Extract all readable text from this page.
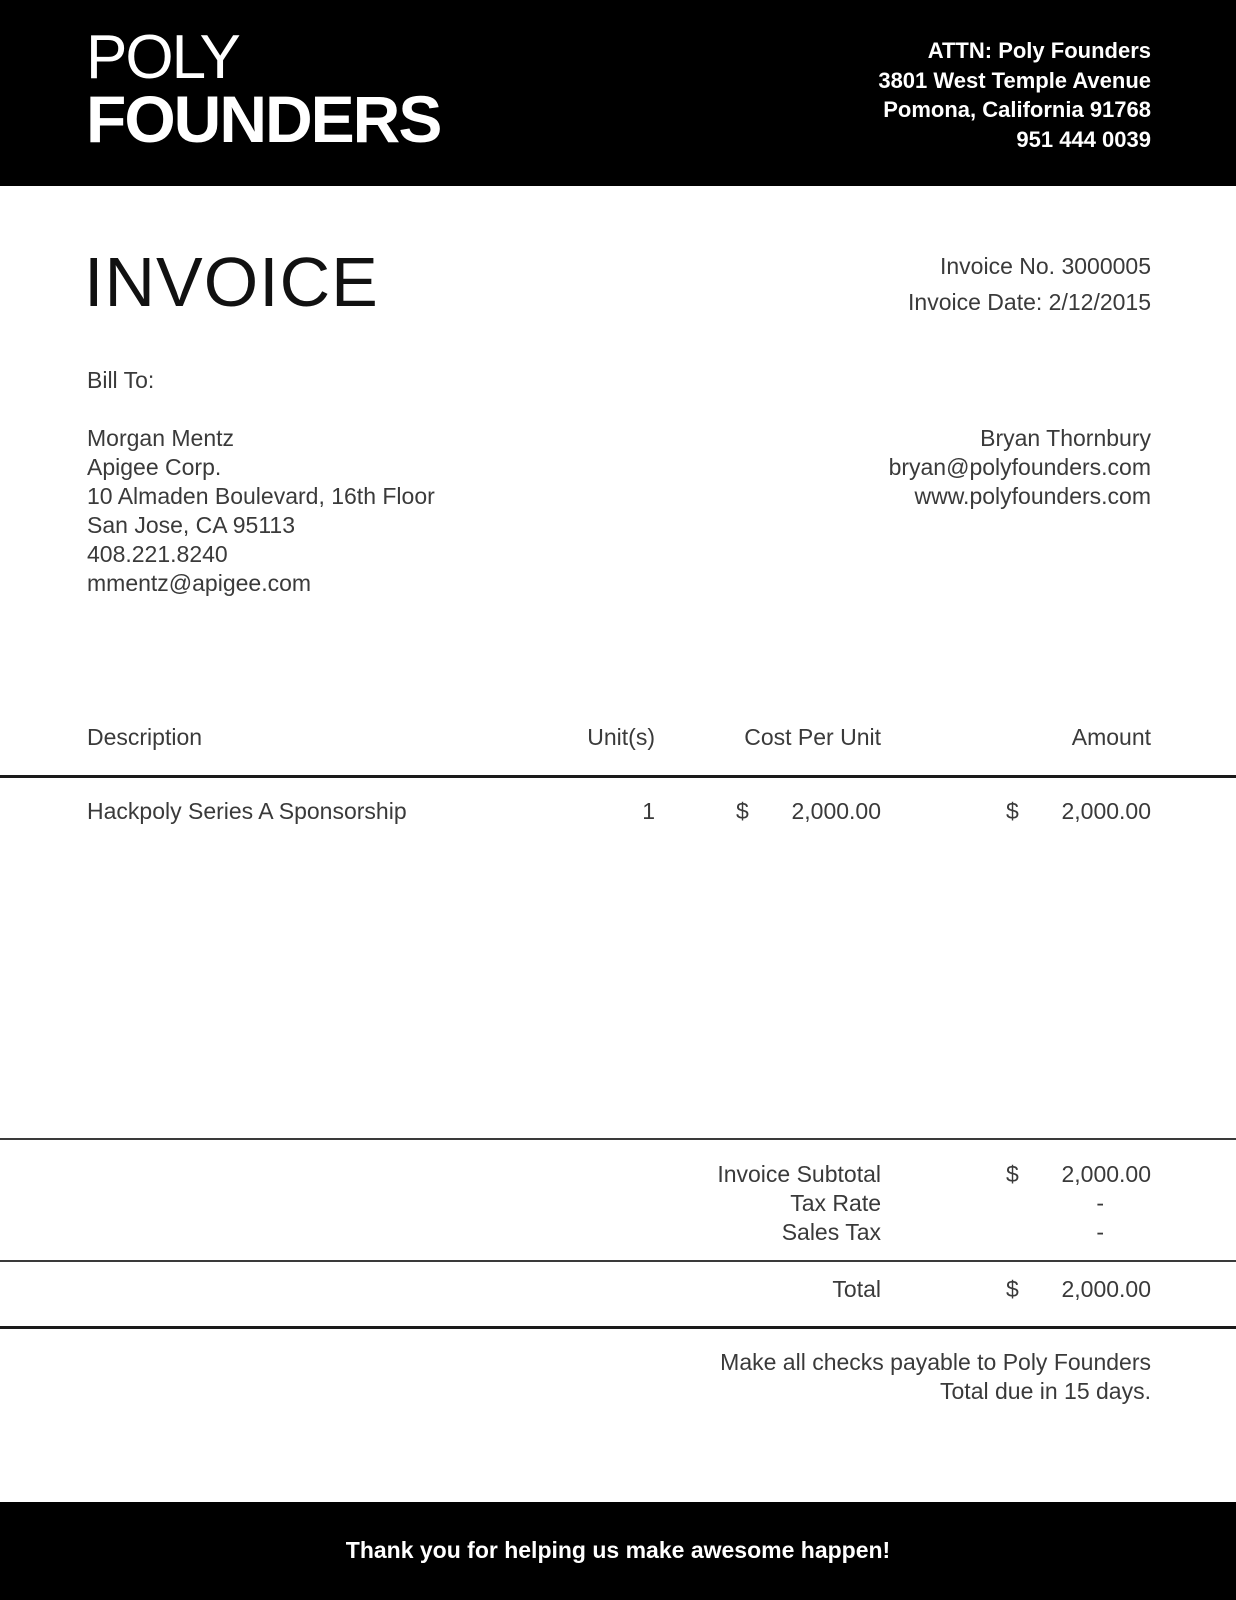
POLY
FOUNDERS
ATTN: Poly Founders
3801 West Temple Avenue
Pomona, California 91768
951 444 0039
INVOICE	Invoice No. 3000005
Invoice Date: 2/12/2015
Bill To:
Morgan Mentz
Apigee Corp.
10 Almaden Boulevard, 16th Floor
San Jose, CA 95113
408.221.8240
mmentz@apigee.com
Bryan Thornbury
bryan@polyfounders.com
www.polyfounders.com
Description	Unit(s)	Cost Per Unit	Amount
Hackpoly Series A Sponsorship	1	$ 2,000.00	$ 2,000.00
Invoice Subtotal	$ 2,000.00
Tax Rate	-
Sales Tax	-
Total	$ 2,000.00
Make all checks payable to Poly Founders
Total due in 15 days.
Thank you for helping us make awesome happen!
